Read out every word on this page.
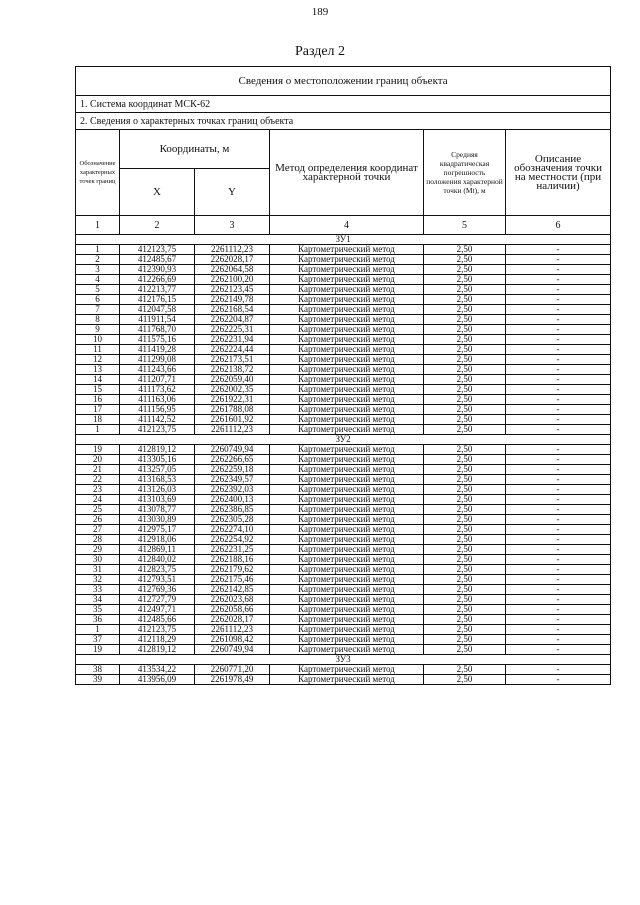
189
Раздел 2
Сведения о местоположении границ объекта					
1. Система координат МСК-62					
2. Сведения о характерных точках границ объекта					
Обозначение характерных точек границ	Координаты, м		Метод определения координат характерной точки	Средняя квадратическая погрешность положения характерной точки (Mt), м	Описание обозначения точки на местности (при наличии)
	X	Y			
1	2	3	4	5	6
ЗУ1					
1	412123,75	2261112,23	Картометрический метод	2,50	-
2	412485,67	2262028,17	Картометрический метод	2,50	-
3	412390,93	2262064,58	Картометрический метод	2,50	-
4	412266,69	2262100,20	Картометрический метод	2,50	-
5	412213,77	2262123,45	Картометрический метод	2,50	-
6	412176,15	2262149,78	Картометрический метод	2,50	-
7	412047,58	2262168,54	Картометрический метод	2,50	-
8	411911,54	2262204,87	Картометрический метод	2,50	-
9	411768,70	2262225,31	Картометрический метод	2,50	-
10	411575,16	2262231,94	Картометрический метод	2,50	-
11	411419,28	2262224,44	Картометрический метод	2,50	-
12	411299,08	2262173,51	Картометрический метод	2,50	-
13	411243,66	2262138,72	Картометрический метод	2,50	-
14	411207,71	2262059,40	Картометрический метод	2,50	-
15	411173,62	2262002,35	Картометрический метод	2,50	-
16	411163,06	2261922,31	Картометрический метод	2,50	-
17	411156,95	2261788,08	Картометрический метод	2,50	-
18	411142,52	2261601,92	Картометрический метод	2,50	-
1	412123,75	2261112,23	Картометрический метод	2,50	-
ЗУ2					
19	412819,12	2260749,94	Картометрический метод	2,50	-
20	413305,16	2262266,65	Картометрический метод	2,50	-
21	413257,05	2262259,18	Картометрический метод	2,50	-
22	413168,53	2262349,57	Картометрический метод	2,50	-
23	413126,03	2262392,03	Картометрический метод	2,50	-
24	413103,69	2262400,13	Картометрический метод	2,50	-
25	413078,77	2262386,85	Картометрический метод	2,50	-
26	413030,89	2262305,28	Картометрический метод	2,50	-
27	412975,17	2262274,10	Картометрический метод	2,50	-
28	412918,06	2262254,92	Картометрический метод	2,50	-
29	412869,11	2262231,25	Картометрический метод	2,50	-
30	412840,02	2262188,16	Картометрический метод	2,50	-
31	412823,75	2262179,62	Картометрический метод	2,50	-
32	412793,51	2262175,46	Картометрический метод	2,50	-
33	412769,36	2262142,85	Картометрический метод	2,50	-
34	412727,79	2262023,68	Картометрический метод	2,50	-
35	412497,71	2262058,66	Картометрический метод	2,50	-
36	412485,66	2262028,17	Картометрический метод	2,50	-
1	412123,75	2261112,23	Картометрический метод	2,50	-
37	412118,29	2261098,42	Картометрический метод	2,50	-
19	412819,12	2260749,94	Картометрический метод	2,50	-
ЗУ3					
38	413534,22	2260771,20	Картометрический метод	2,50	-
39	413956,09	2261978,49	Картометрический метод	2,50	-
